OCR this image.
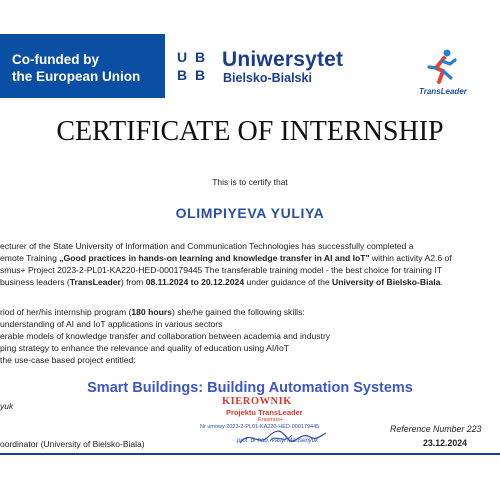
Co-funded by
the European Union
U B
B B
Uniwersytet
Bielsko-Bialski
TransLeader
CERTIFICATE OF INTERNSHIP
This is to certify that
OLIMPIYEVA YULIYA
ecturer of the State University of Information and Communication Technologies has successfully completed a
emote Training „Good practices in hands-on learning and knowledge transfer in AI and IoT" within activity A2.6 of
smus+ Project 2023-2-PL01-KA220-HED-000179445 The transferable training model - the best choice for training IT
business leaders (TransLeader) from 08.11.2024 to 20.12.2024 under guidance of the University of Bielsko-Biala.
riod of her/his internship program (180 hours) she/he gained the following skills:
understanding of AI and IoT applications in various sectors
erable models of knowledge transfer and collaboration between academia and industry
ping strategy to enhance the relevance and quality of education using AI/IoT
the use-case based project entitled:
Smart Buildings: Building Automation Systems
KIEROWNIK
Projektu TransLeader
Erasmus+
Nr umowy 2023-2-PL01-KA220-HED-000179445
prof. dr hab. Vasyl Martsenyuk
yuk
oordinator (University of Bielsko-Biala)
Reference Number 223
23.12.2024
